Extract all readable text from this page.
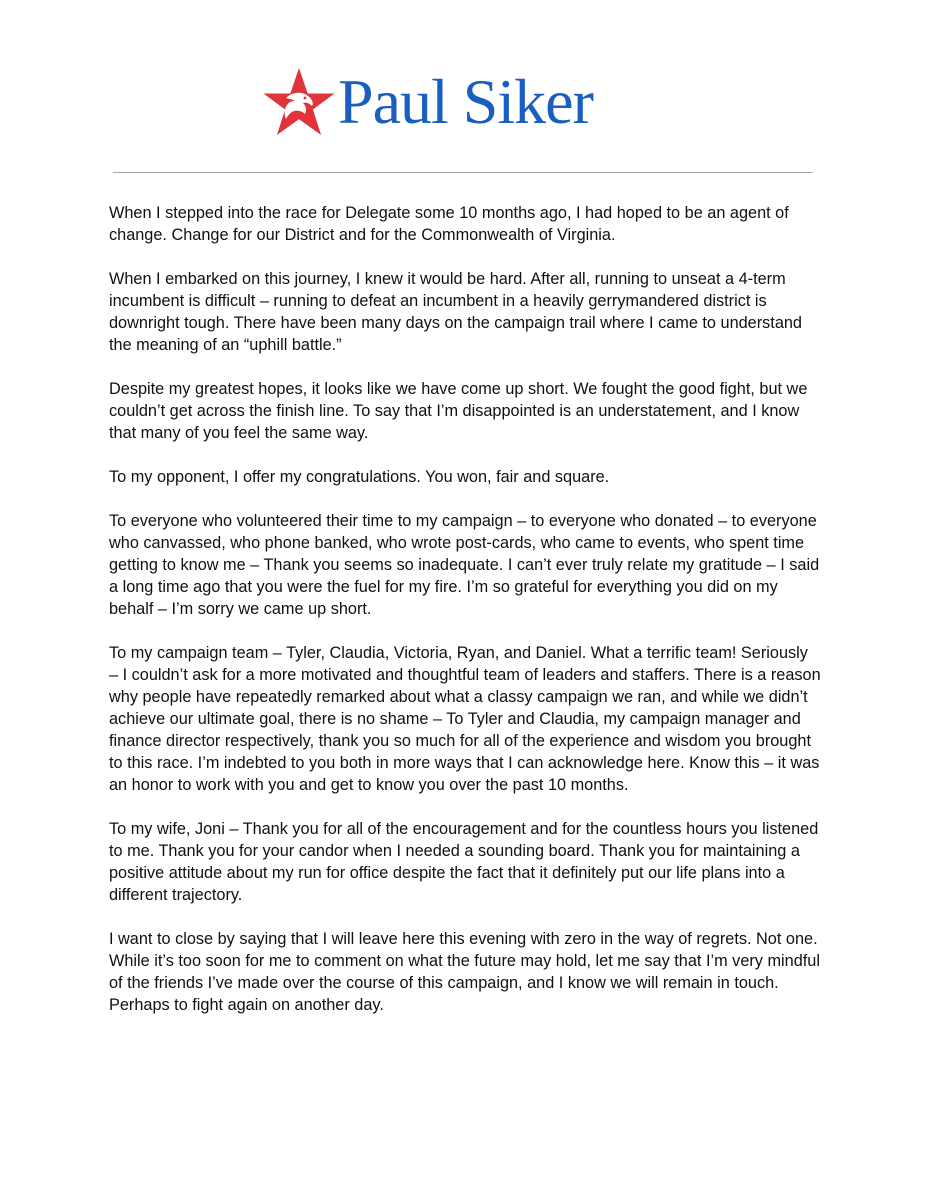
Paul Siker

When I stepped into the race for Delegate some 10 months ago, I had hoped to be an agent of change. Change for our District and for the Commonwealth of Virginia.

When I embarked on this journey, I knew it would be hard. After all, running to unseat a 4-term incumbent is difficult – running to defeat an incumbent in a heavily gerrymandered district is downright tough. There have been many days on the campaign trail where I came to understand the meaning of an “uphill battle.”

Despite my greatest hopes, it looks like we have come up short. We fought the good fight, but we couldn’t get across the finish line. To say that I’m disappointed is an understatement, and I know that many of you feel the same way.

To my opponent, I offer my congratulations. You won, fair and square.

To everyone who volunteered their time to my campaign – to everyone who donated – to everyone who canvassed, who phone banked, who wrote post-cards, who came to events, who spent time getting to know me – Thank you seems so inadequate. I can’t ever truly relate my gratitude – I said a long time ago that you were the fuel for my fire. I’m so grateful for everything you did on my behalf – I’m sorry we came up short.

To my campaign team – Tyler, Claudia, Victoria, Ryan, and Daniel. What a terrific team! Seriously – I couldn’t ask for a more motivated and thoughtful team of leaders and staffers. There is a reason why people have repeatedly remarked about what a classy campaign we ran, and while we didn’t achieve our ultimate goal, there is no shame – To Tyler and Claudia, my campaign manager and finance director respectively, thank you so much for all of the experience and wisdom you brought to this race. I’m indebted to you both in more ways that I can acknowledge here. Know this – it was an honor to work with you and get to know you over the past 10 months.

To my wife, Joni – Thank you for all of the encouragement and for the countless hours you listened to me. Thank you for your candor when I needed a sounding board. Thank you for maintaining a positive attitude about my run for office despite the fact that it definitely put our life plans into a different trajectory.

I want to close by saying that I will leave here this evening with zero in the way of regrets. Not one. While it’s too soon for me to comment on what the future may hold, let me say that I’m very mindful of the friends I’ve made over the course of this campaign, and I know we will remain in touch. Perhaps to fight again on another day.
